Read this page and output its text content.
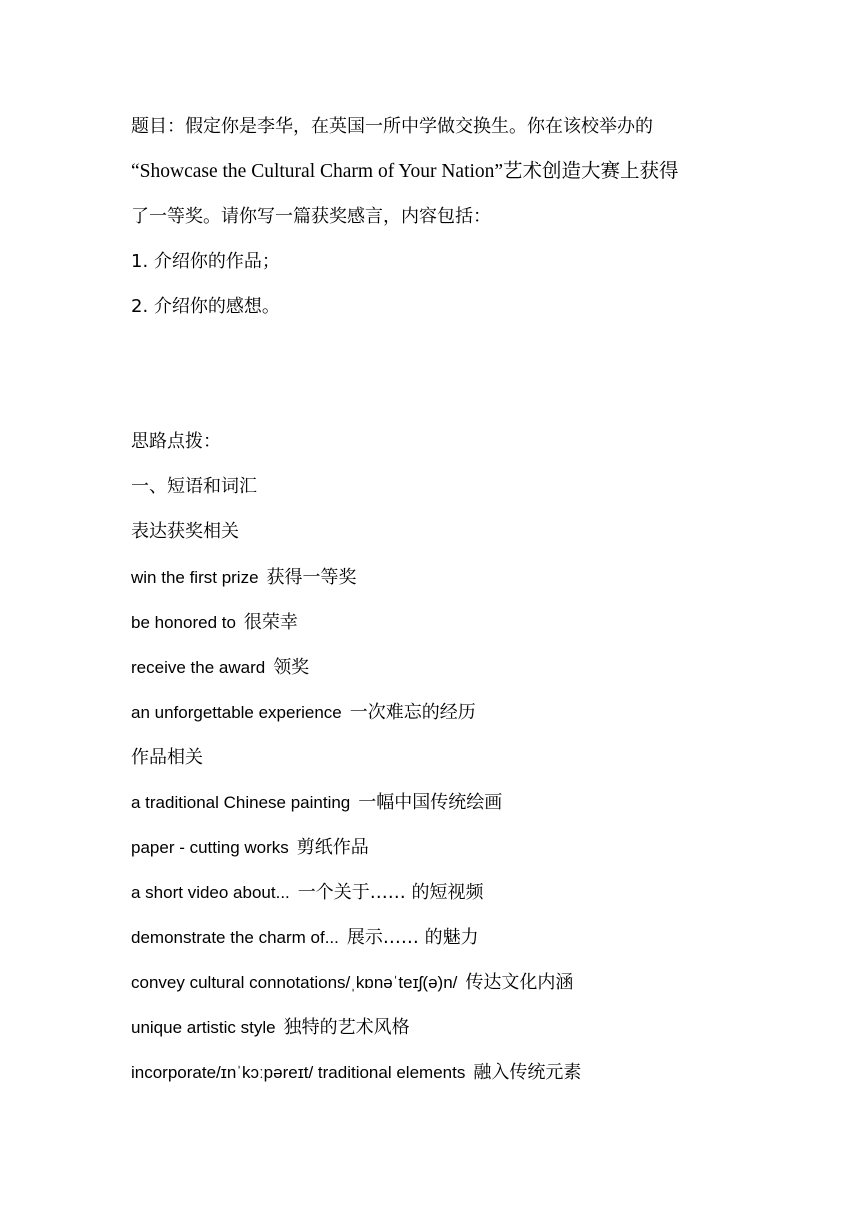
题目：假定你是李华，在英国一所中学做交换生。你在该校举办的
“Showcase the Cultural Charm of Your Nation”艺术创造大赛上获得
了一等奖。请你写一篇获奖感言，内容包括：
1. 介绍你的作品；
2. 介绍你的感想。
思路点拨：
一、短语和词汇
表达获奖相关
win the first prize 获得一等奖
be honored to 很荣幸
receive the award 领奖
an unforgettable experience 一次难忘的经历
作品相关
a traditional Chinese painting 一幅中国传统绘画
paper - cutting works 剪纸作品
a short video about... 一个关于…… 的短视频
demonstrate the charm of... 展示…… 的魅力
convey cultural connotations/ˌkɒnəˈteɪʃ(ə)n/ 传达文化内涵
unique artistic style 独特的艺术风格
incorporate/ɪnˈkɔːpəreɪt/ traditional elements 融入传统元素
